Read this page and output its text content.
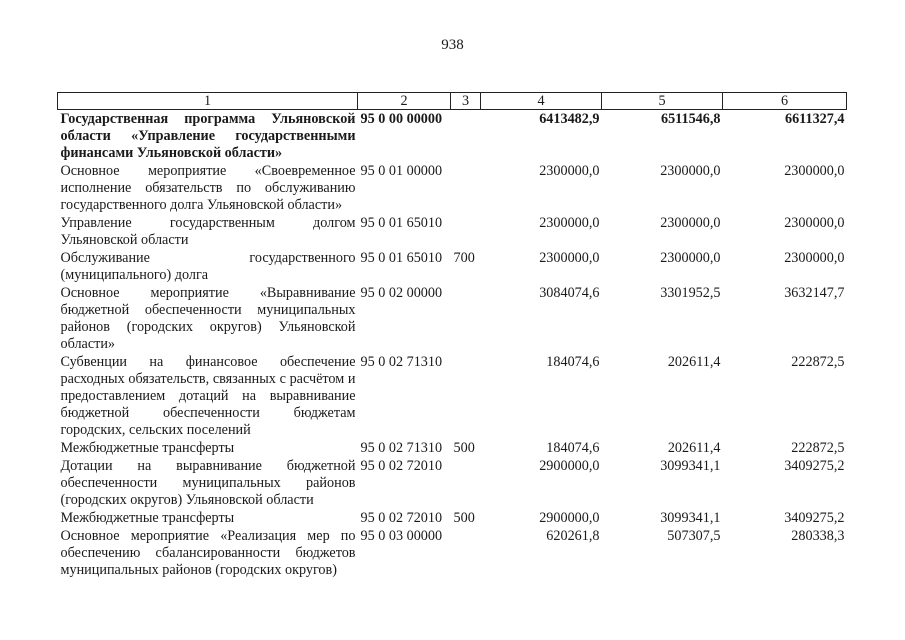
938
1	2	3	4	5	6
Государственная программа Ульяновской области «Управление государственными финансами Ульяновской области»	95 0 00 00000		6413482,9	6511546,8	6611327,4
Основное мероприятие «Своевременное исполнение обязательств по обслуживанию государственного долга Ульяновской области»	95 0 01 00000		2300000,0	2300000,0	2300000,0
Управление государственным долгом Ульяновской области	95 0 01 65010		2300000,0	2300000,0	2300000,0
Обслуживание государственного (муниципального) долга	95 0 01 65010	700	2300000,0	2300000,0	2300000,0
Основное мероприятие «Выравнивание бюджетной обеспеченности муниципальных районов (городских округов) Ульяновской области»	95 0 02 00000		3084074,6	3301952,5	3632147,7
Субвенции на финансовое обеспечение расходных обязательств, связанных с расчётом и предоставлением дотаций на выравнивание бюджетной обеспеченности бюджетам городских, сельских поселений	95 0 02 71310		184074,6	202611,4	222872,5
Межбюджетные трансферты	95 0 02 71310	500	184074,6	202611,4	222872,5
Дотации на выравнивание бюджетной обеспеченности муниципальных районов (городских округов) Ульяновской области	95 0 02 72010		2900000,0	3099341,1	3409275,2
Межбюджетные трансферты	95 0 02 72010	500	2900000,0	3099341,1	3409275,2
Основное мероприятие «Реализация мер по обеспечению сбалансированности бюджетов муниципальных районов (городских округов)	95 0 03 00000		620261,8	507307,5	280338,3
